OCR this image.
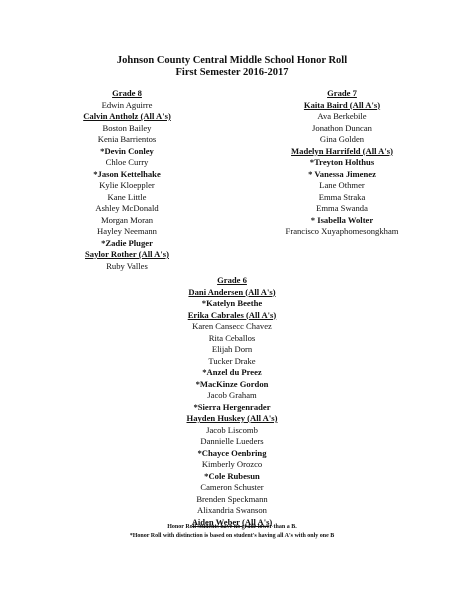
Johnson County Central Middle School Honor Roll
First Semester 2016-2017
Grade 8
Edwin Aguirre
Calvin Antholz (All A's)
Boston Bailey
Kenia Barrientos
*Devin Conley
Chloe Curry
*Jason Kettelhake
Kylie Kloeppler
Kane Little
Ashley McDonald
Morgan Moran
Hayley Neemann
*Zadie Pluger
Saylor Rother (All A's)
Ruby Valles
Grade 7
Kaita Baird (All A's)
Ava Berkebile
Jonathon Duncan
Gina Golden
Madelyn Harrifeld (All A's)
*Treyton Holthus
* Vanessa Jimenez
Lane Othmer
Emma Straka
Emma Swanda
* Isabella Wolter
Francisco Xuyaphomesongkham
Grade 6
Dani Andersen (All A's)
*Katelyn Beethe
Erika Cabrales (All A's)
Karen Cansecc Chavez
Rita Ceballos
Elijah Dorn
Tucker Drake
*Anzel du Preez
*MacKinze Gordon
Jacob Graham
*Sierra Hergenrader
Hayden Huskey (All A's)
Jacob Liscomb
Dannielle Lueders
*Chayce Oenbring
Kimberly Orozco
*Cole Rubesun
Cameron Schuster
Brenden Speckmann
Alixandria Swanson
Aiden Weber (All A's)
Honor Roll students have no grade lower than a B.
*Honor Roll with distinction is based on student's having all A's with only one B
